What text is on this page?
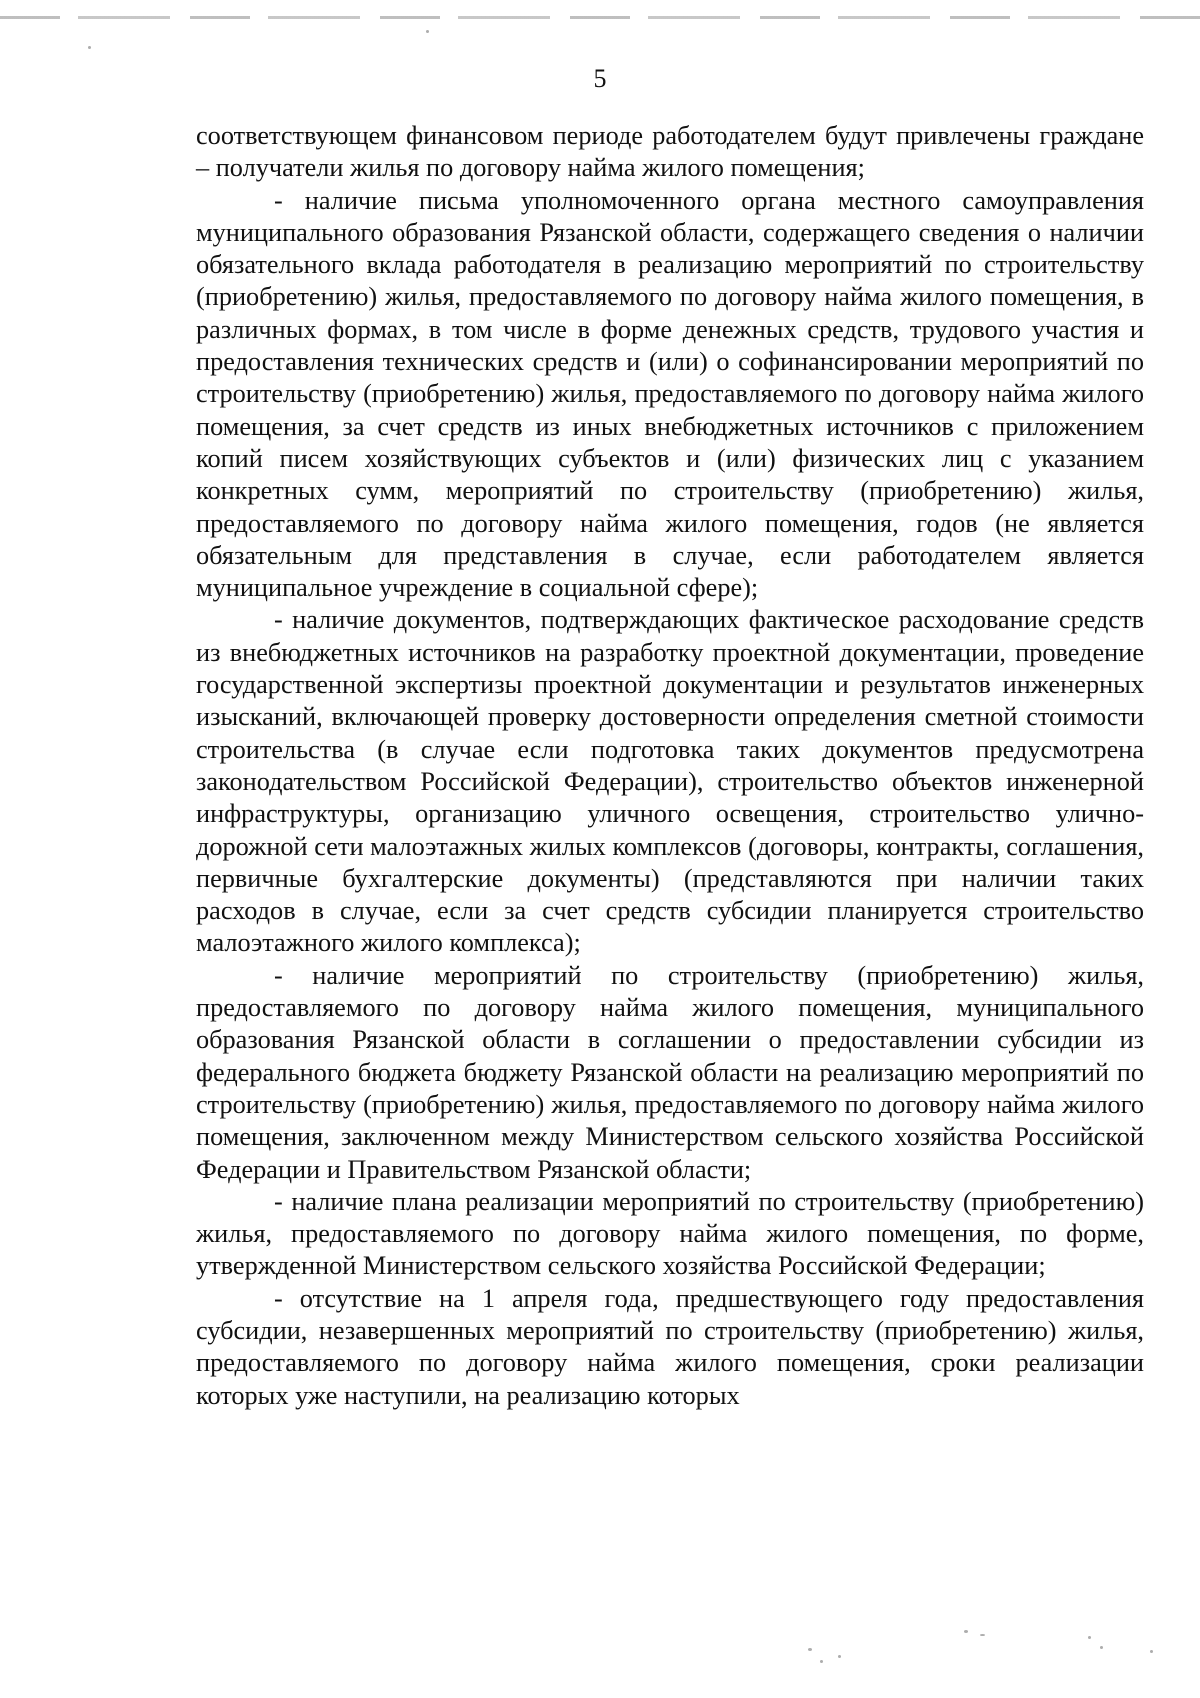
5

соответствующем финансовом периоде работодателем будут привлечены граждане – получатели жилья по договору найма жилого помещения;

- наличие письма уполномоченного органа местного самоуправления муниципального образования Рязанской области, содержащего сведения о наличии обязательного вклада работодателя в реализацию мероприятий по строительству (приобретению) жилья, предоставляемого по договору найма жилого помещения, в различных формах, в том числе в форме денежных средств, трудового участия и предоставления технических средств и (или) о софинансировании мероприятий по строительству (приобретению) жилья, предоставляемого по договору найма жилого помещения, за счет средств из иных внебюджетных источников с приложением копий писем хозяйствующих субъектов и (или) физических лиц с указанием конкретных сумм, мероприятий по строительству (приобретению) жилья, предоставляемого по договору найма жилого помещения, годов (не является обязательным для представления в случае, если работодателем является муниципальное учреждение в социальной сфере);

- наличие документов, подтверждающих фактическое расходование средств из внебюджетных источников на разработку проектной документации, проведение государственной экспертизы проектной документации и результатов инженерных изысканий, включающей проверку достоверности определения сметной стоимости строительства (в случае если подготовка таких документов предусмотрена законодательством Российской Федерации), строительство объектов инженерной инфраструктуры, организацию уличного освещения, строительство улично-дорожной сети малоэтажных жилых комплексов (договоры, контракты, соглашения, первичные бухгалтерские документы) (представляются при наличии таких расходов в случае, если за счет средств субсидии планируется строительство малоэтажного жилого комплекса);

- наличие мероприятий по строительству (приобретению) жилья, предоставляемого по договору найма жилого помещения, муниципального образования Рязанской области в соглашении о предоставлении субсидии из федерального бюджета бюджету Рязанской области на реализацию мероприятий по строительству (приобретению) жилья, предоставляемого по договору найма жилого помещения, заключенном между Министерством сельского хозяйства Российской Федерации и Правительством Рязанской области;

- наличие плана реализации мероприятий по строительству (приобретению) жилья, предоставляемого по договору найма жилого помещения, по форме, утвержденной Министерством сельского хозяйства Российской Федерации;

- отсутствие на 1 апреля года, предшествующего году предоставления субсидии, незавершенных мероприятий по строительству (приобретению) жилья, предоставляемого по договору найма жилого помещения, сроки реализации которых уже наступили, на реализацию которых
